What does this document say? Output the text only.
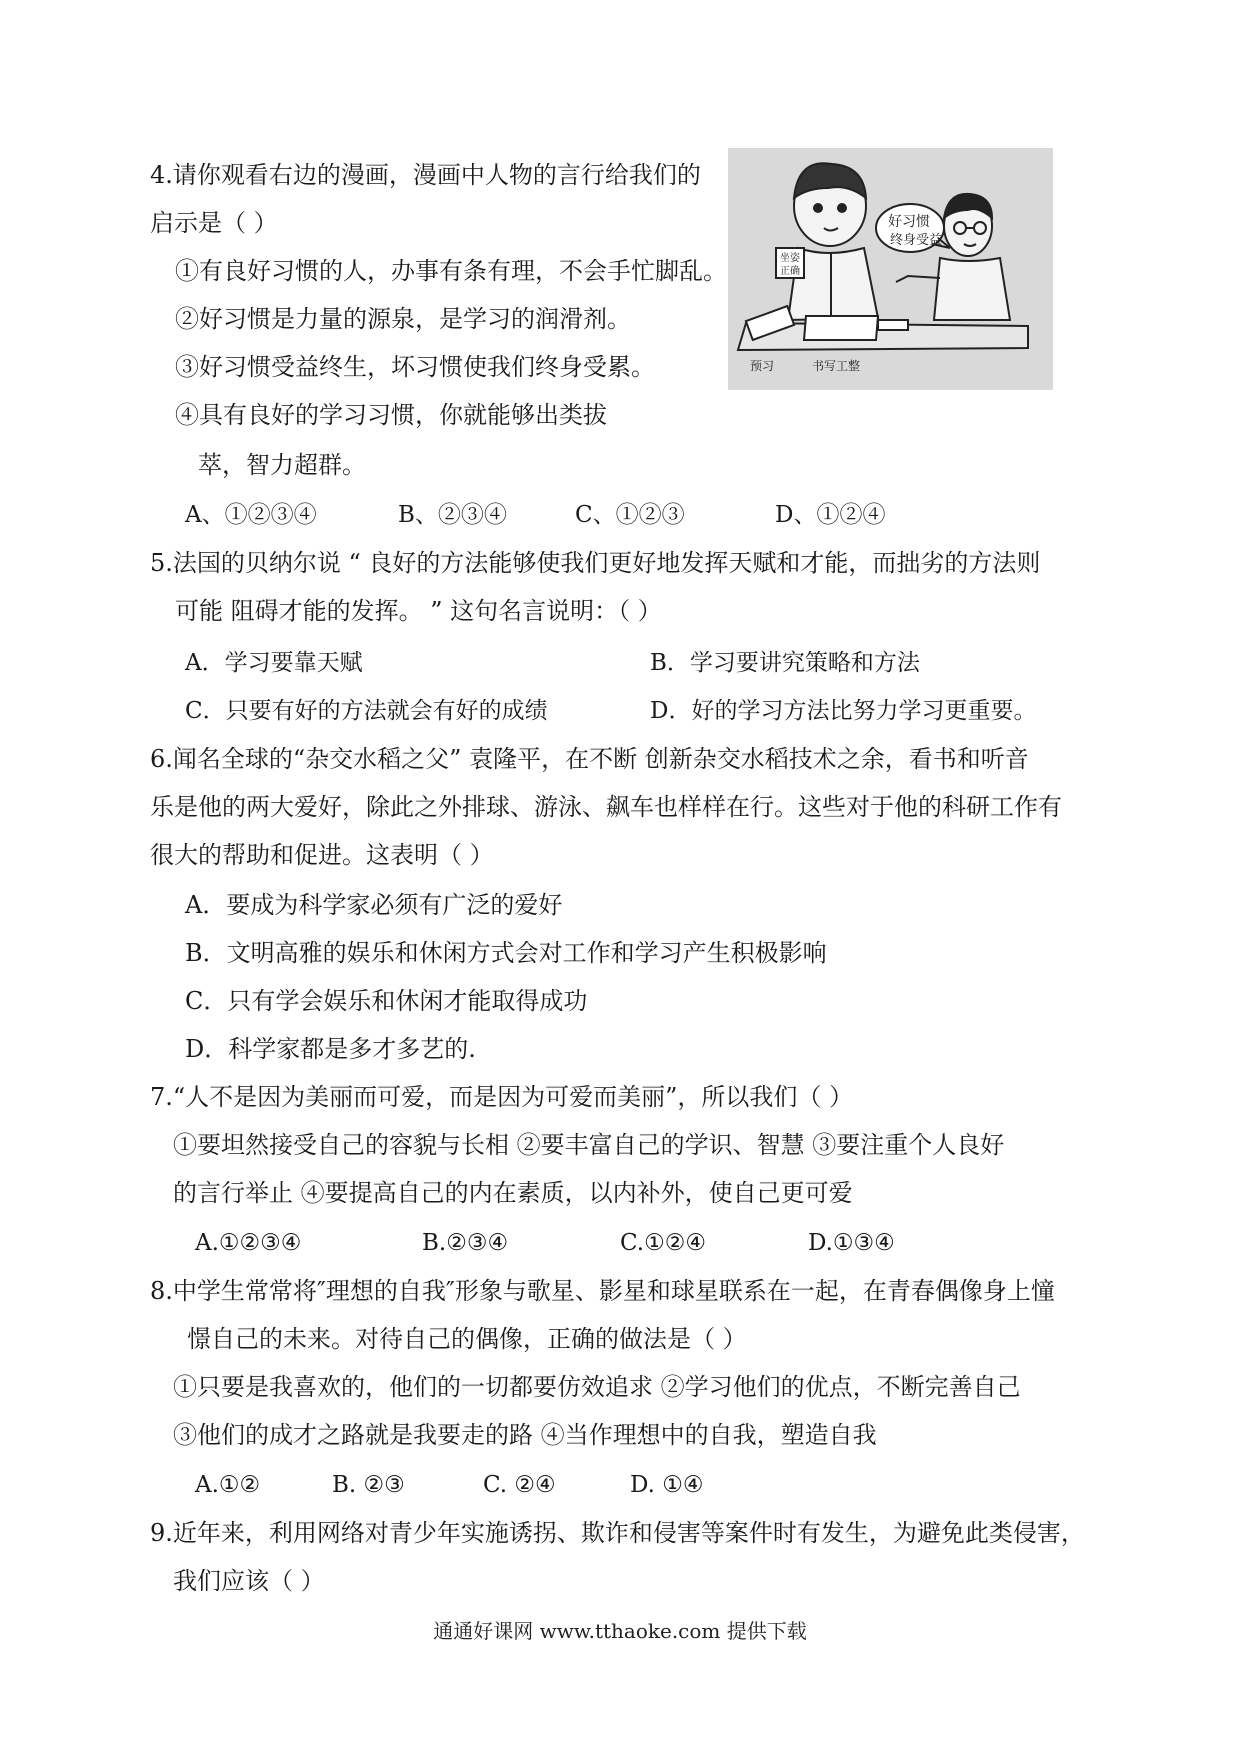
4.请你观看右边的漫画，漫画中人物的言行给我们的
启示是（ ）
①有良好习惯的人，办事有条有理，不会手忙脚乱。
②好习惯是力量的源泉，是学习的润滑剂。
③好习惯受益终生，坏习惯使我们终身受累。
④具有良好的学习习惯，你就能够出类拔
萃，智力超群。
A、①②③④	B、②③④	C、①②③	D、①②④
好习惯
终身受益
坐姿
正确
预习	书写工整
5.法国的贝纳尔说 “ 良好的方法能够使我们更好地发挥天赋和才能，而拙劣的方法则
可能 阻碍才能的发挥。 ” 这句名言说明：（ ）
A．学习要靠天赋	B．学习要讲究策略和方法
C．只要有好的方法就会有好的成绩	D．好的学习方法比努力学习更重要。
6.闻名全球的“杂交水稻之父” 袁隆平，在不断 创新杂交水稻技术之余，看书和听音
乐是他的两大爱好，除此之外排球、游泳、飙车也样样在行。这些对于他的科研工作有
很大的帮助和促进。这表明（ ）
A．要成为科学家必须有广泛的爱好
B．文明高雅的娱乐和休闲方式会对工作和学习产生积极影响
C．只有学会娱乐和休闲才能取得成功
D．科学家都是多才多艺的.
7.“人不是因为美丽而可爱，而是因为可爱而美丽”，所以我们（ ）
①要坦然接受自己的容貌与长相 ②要丰富自己的学识、智慧 ③要注重个人良好
的言行举止 ④要提高自己的内在素质，以内补外，使自己更可爱
A.①②③④	B.②③④	C.①②④	D.①③④
8.中学生常常将″理想的自我″形象与歌星、影星和球星联系在一起，在青春偶像身上憧
憬自己的未来。对待自己的偶像，正确的做法是（ ）
①只要是我喜欢的，他们的一切都要仿效追求 ②学习他们的优点，不断完善自己
③他们的成才之路就是我要走的路 ④当作理想中的自我，塑造自我
A.①②	B. ②③	C. ②④	D. ①④
9.近年来，利用网络对青少年实施诱拐、欺诈和侵害等案件时有发生，为避免此类侵害，
我们应该（ ）
通通好课网 www.tthaoke.com 提供下载
